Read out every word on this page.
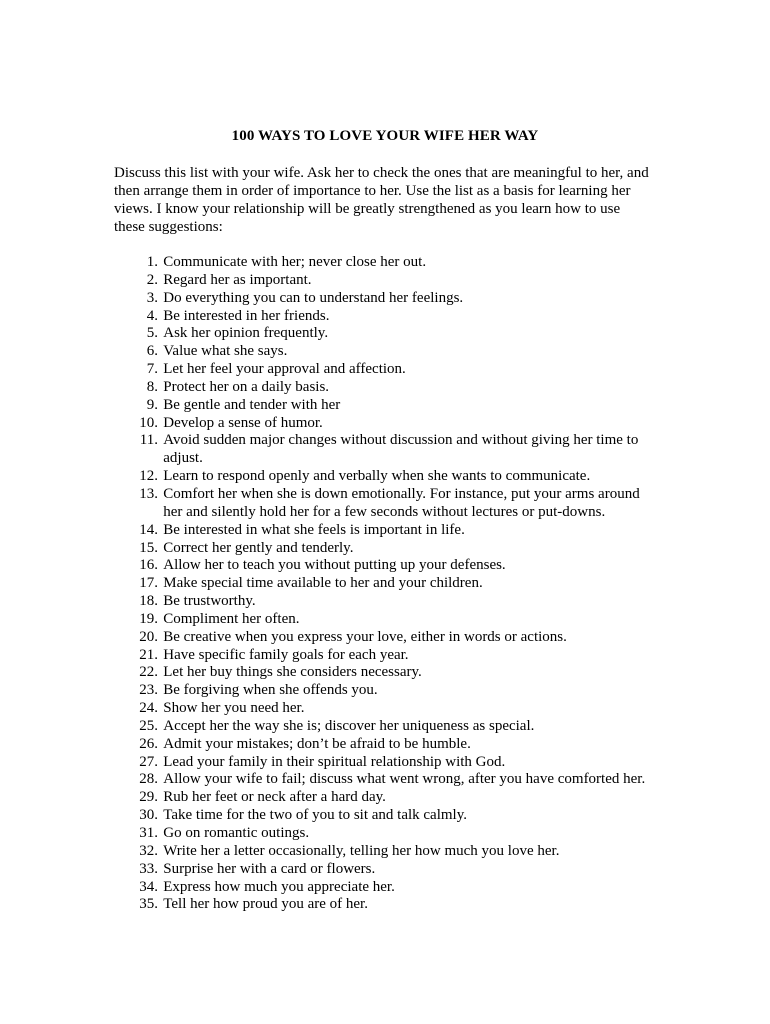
100 WAYS TO LOVE YOUR WIFE HER WAY
Discuss this list with your wife. Ask her to check the ones that are meaningful to her, and
then arrange them in order of importance to her. Use the list as a basis for learning her
views. I know your relationship will be greatly strengthened as you learn how to use
these suggestions:
1. Communicate with her; never close her out.
2. Regard her as important.
3. Do everything you can to understand her feelings.
4. Be interested in her friends.
5. Ask her opinion frequently.
6. Value what she says.
7. Let her feel your approval and affection.
8. Protect her on a daily basis.
9. Be gentle and tender with her
10. Develop a sense of humor.
11. Avoid sudden major changes without discussion and without giving her time to
adjust.
12. Learn to respond openly and verbally when she wants to communicate.
13. Comfort her when she is down emotionally. For instance, put your arms around
her and silently hold her for a few seconds without lectures or put-downs.
14. Be interested in what she feels is important in life.
15. Correct her gently and tenderly.
16. Allow her to teach you without putting up your defenses.
17. Make special time available to her and your children.
18. Be trustworthy.
19. Compliment her often.
20. Be creative when you express your love, either in words or actions.
21. Have specific family goals for each year.
22. Let her buy things she considers necessary.
23. Be forgiving when she offends you.
24. Show her you need her.
25. Accept her the way she is; discover her uniqueness as special.
26. Admit your mistakes; don’t be afraid to be humble.
27. Lead your family in their spiritual relationship with God.
28. Allow your wife to fail; discuss what went wrong, after you have comforted her.
29. Rub her feet or neck after a hard day.
30. Take time for the two of you to sit and talk calmly.
31. Go on romantic outings.
32. Write her a letter occasionally, telling her how much you love her.
33. Surprise her with a card or flowers.
34. Express how much you appreciate her.
35. Tell her how proud you are of her.
